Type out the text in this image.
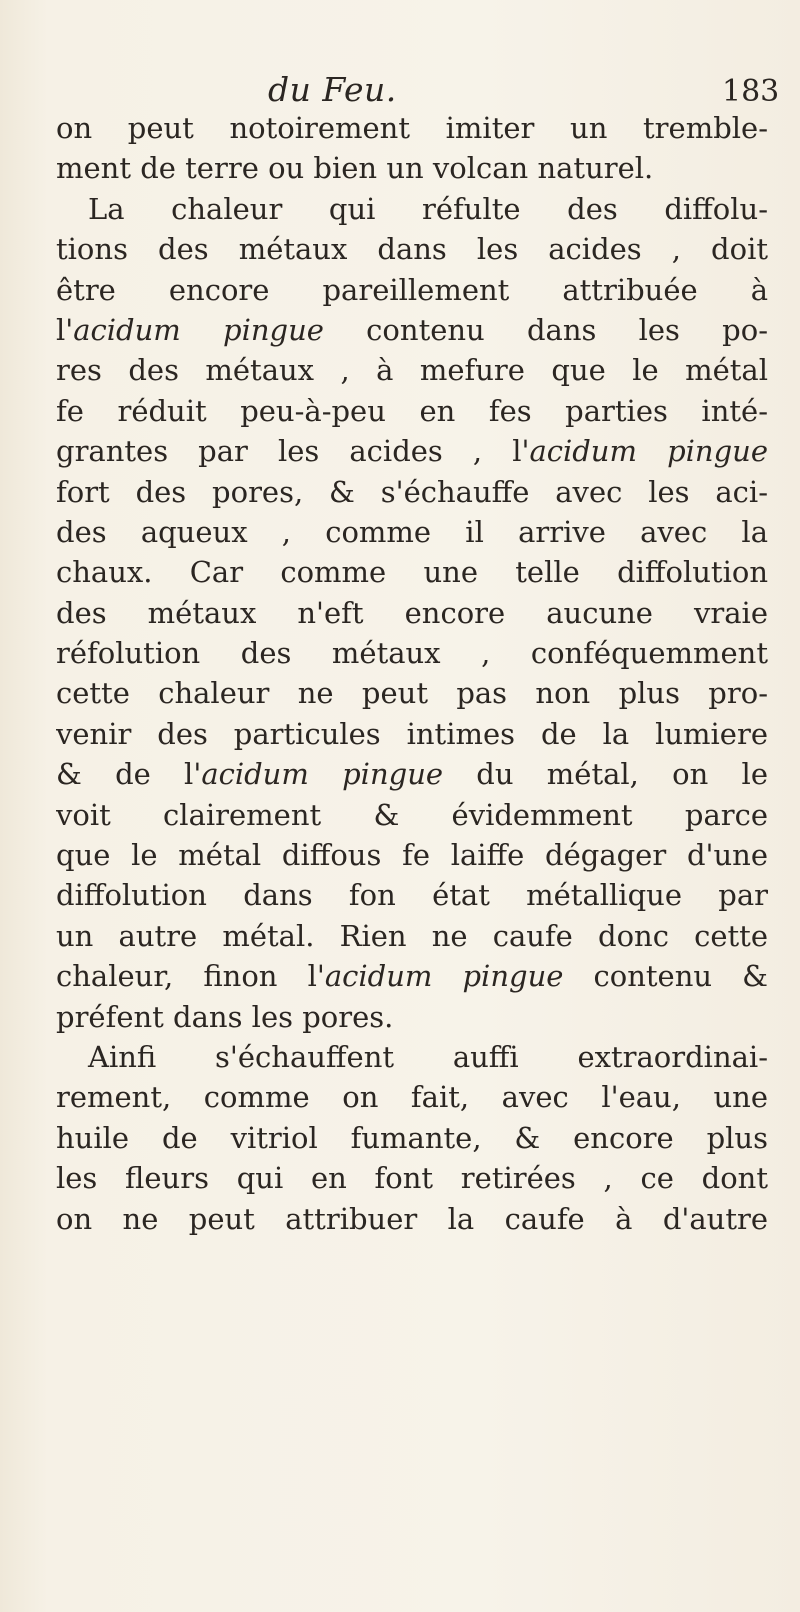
du Feu.	183
on peut notoirement imiter un tremble-
ment de terre ou bien un volcan naturel.
La chaleur qui réfulte des diffolu-
tions des métaux dans les acides , doit
être encore pareillement attribuée à
l'acidum pingue contenu dans les po-
res des métaux , à mefure que le métal
fe réduit peu-à-peu en fes parties inté-
grantes par les acides , l'acidum pingue
fort des pores, & s'échauffe avec les aci-
des aqueux , comme il arrive avec la
chaux. Car comme une telle diffolution
des métaux n'eft encore aucune vraie
réfolution des métaux , conféquemment
cette chaleur ne peut pas non plus pro-
venir des particules intimes de la lumiere
& de l'acidum pingue du métal, on le
voit clairement & évidemment parce
que le métal diffous fe laiffe dégager d'une
diffolution dans fon état métallique par
un autre métal. Rien ne caufe donc cette
chaleur, finon l'acidum pingue contenu &
préfent dans les pores.
Ainfi s'échauffent auffi extraordinai-
rement, comme on fait, avec l'eau, une
huile de vitriol fumante, & encore plus
les fleurs qui en font retirées , ce dont
on ne peut attribuer la caufe à d'autre
